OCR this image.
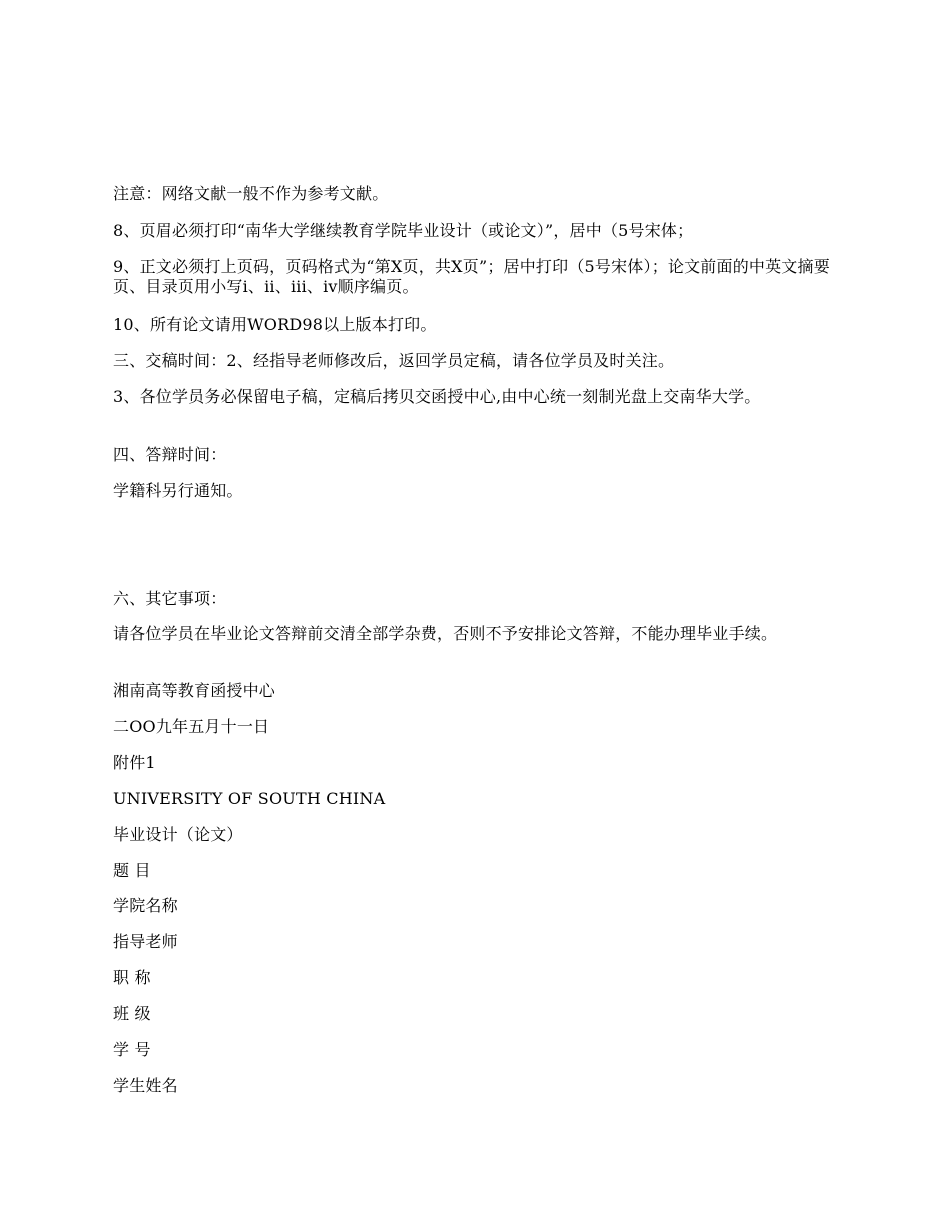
注意：网络文献一般不作为参考文献。

8、页眉必须打印“南华大学继续教育学院毕业设计（或论文）”，居中（5号宋体；

9、正文必须打上页码，页码格式为“第X页，共X页”；居中打印（5号宋体）；论文前面的中英文摘要页、目录页用小写i、ii、iii、iv顺序编页。

10、所有论文请用WORD98以上版本打印。

三、交稿时间：2、经指导老师修改后，返回学员定稿，请各位学员及时关注。

3、各位学员务必保留电子稿，定稿后拷贝交函授中心,由中心统一刻制光盘上交南华大学。

四、答辩时间：

学籍科另行通知。

六、其它事项：

请各位学员在毕业论文答辩前交清全部学杂费，否则不予安排论文答辩，不能办理毕业手续。

湘南高等教育函授中心

二OO九年五月十一日

附件1

UNIVERSITY OF SOUTH CHINA

毕业设计（论文）

题 目

学院名称

指导老师

职 称

班 级

学 号

学生姓名
